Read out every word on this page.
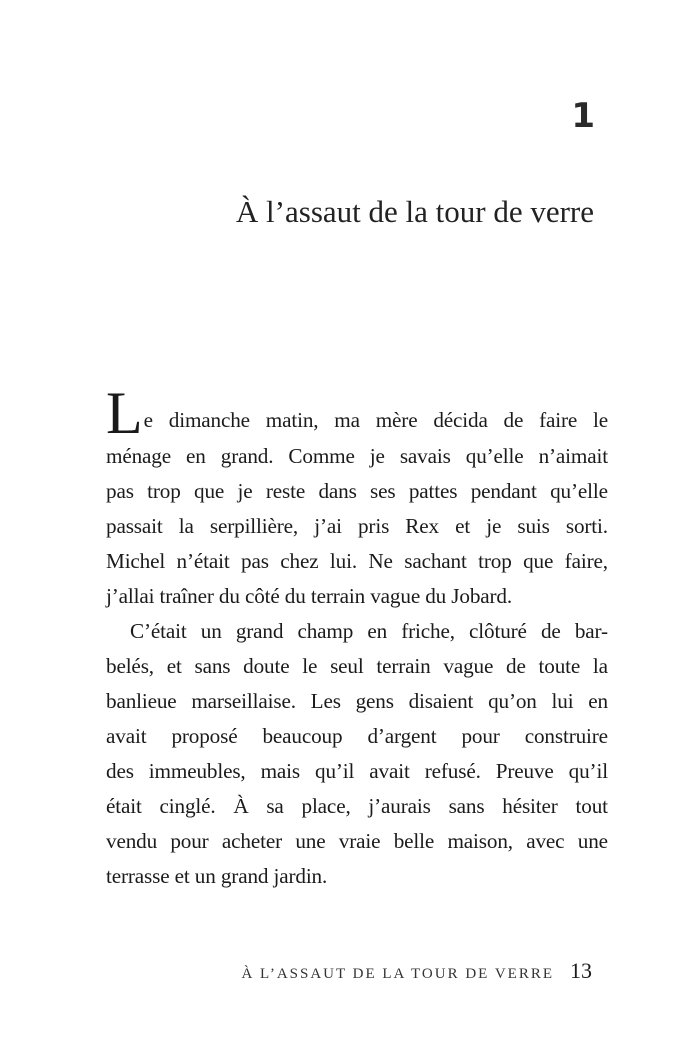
1
À l’assaut de la tour de verre
L e dimanche matin, ma mère décida de faire le
ménage en grand. Comme je savais qu’elle n’aimait
pas trop que je reste dans ses pattes pendant qu’elle
passait la serpillière, j’ai pris Rex et je suis sorti.
Michel n’était pas chez lui. Ne sachant trop que faire,
j’allai traîner du côté du terrain vague du Jobard.
C’était un grand champ en friche, clôturé de bar-
belés, et sans doute le seul terrain vague de toute la
banlieue marseillaise. Les gens disaient qu’on lui en
avait proposé beaucoup d’argent pour construire
des immeubles, mais qu’il avait refusé. Preuve qu’il
était cinglé. À sa place, j’aurais sans hésiter tout
vendu pour acheter une vraie belle maison, avec une
terrasse et un grand jardin.
À L’ASSAUT DE LA TOUR DE VERRE 13
